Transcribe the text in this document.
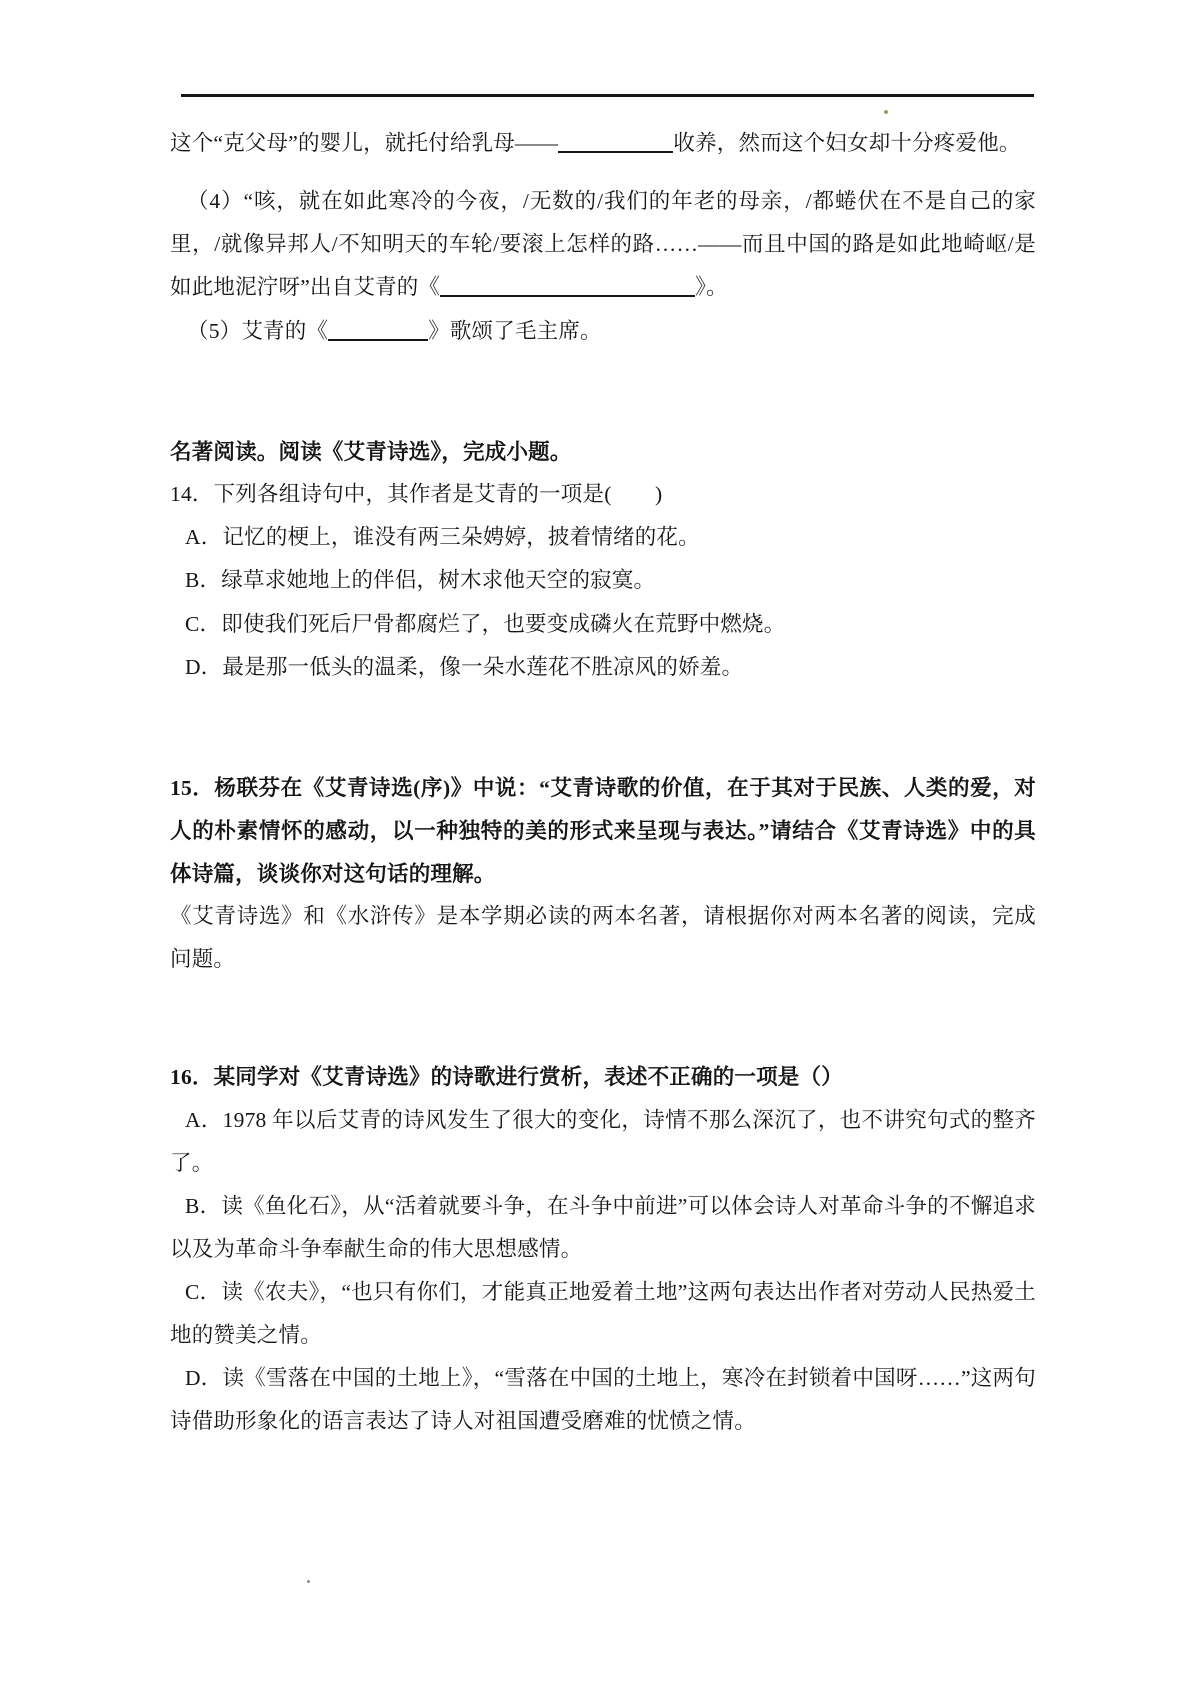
这个“克父母”的婴儿，就托付给乳母——	收养，然而这个妇女却十分疼爱他。
（4）“咳，就在如此寒冷的今夜，/无数的/我们的年老的母亲，/都蜷伏在不是自己的家里，/就像异邦人/不知明天的车轮/要滚上怎样的路……——而且中国的路是如此地崎岖/是如此地泥泞呀”出自艾青的《	》。
（5）艾青的《	》歌颂了毛主席。
名著阅读。阅读《艾青诗选》，完成小题。
14．下列各组诗句中，其作者是艾青的一项是(　　)
A．记忆的梗上，谁没有两三朵娉婷，披着情绪的花。
B．绿草求她地上的伴侣，树木求他天空的寂寞。
C．即使我们死后尸骨都腐烂了，也要变成磷火在荒野中燃烧。
D．最是那一低头的温柔，像一朵水莲花不胜凉风的娇羞。
15．杨联芬在《艾青诗选(序)》中说：“艾青诗歌的价值，在于其对于民族、人类的爱，对人的朴素情怀的感动，以一种独特的美的形式来呈现与表达。”请结合《艾青诗选》中的具体诗篇，谈谈你对这句话的理解。
《艾青诗选》和《水浒传》是本学期必读的两本名著，请根据你对两本名著的阅读，完成问题。
16．某同学对《艾青诗选》的诗歌进行赏析，表述不正确的一项是（）
A．1978 年以后艾青的诗风发生了很大的变化，诗情不那么深沉了，也不讲究句式的整齐了。
B．读《鱼化石》，从“活着就要斗争，在斗争中前进”可以体会诗人对革命斗争的不懈追求以及为革命斗争奉献生命的伟大思想感情。
C．读《农夫》，“也只有你们，才能真正地爱着土地”这两句表达出作者对劳动人民热爱土地的赞美之情。
D．读《雪落在中国的土地上》，“雪落在中国的土地上，寒冷在封锁着中国呀……”这两句诗借助形象化的语言表达了诗人对祖国遭受磨难的忧愤之情。
